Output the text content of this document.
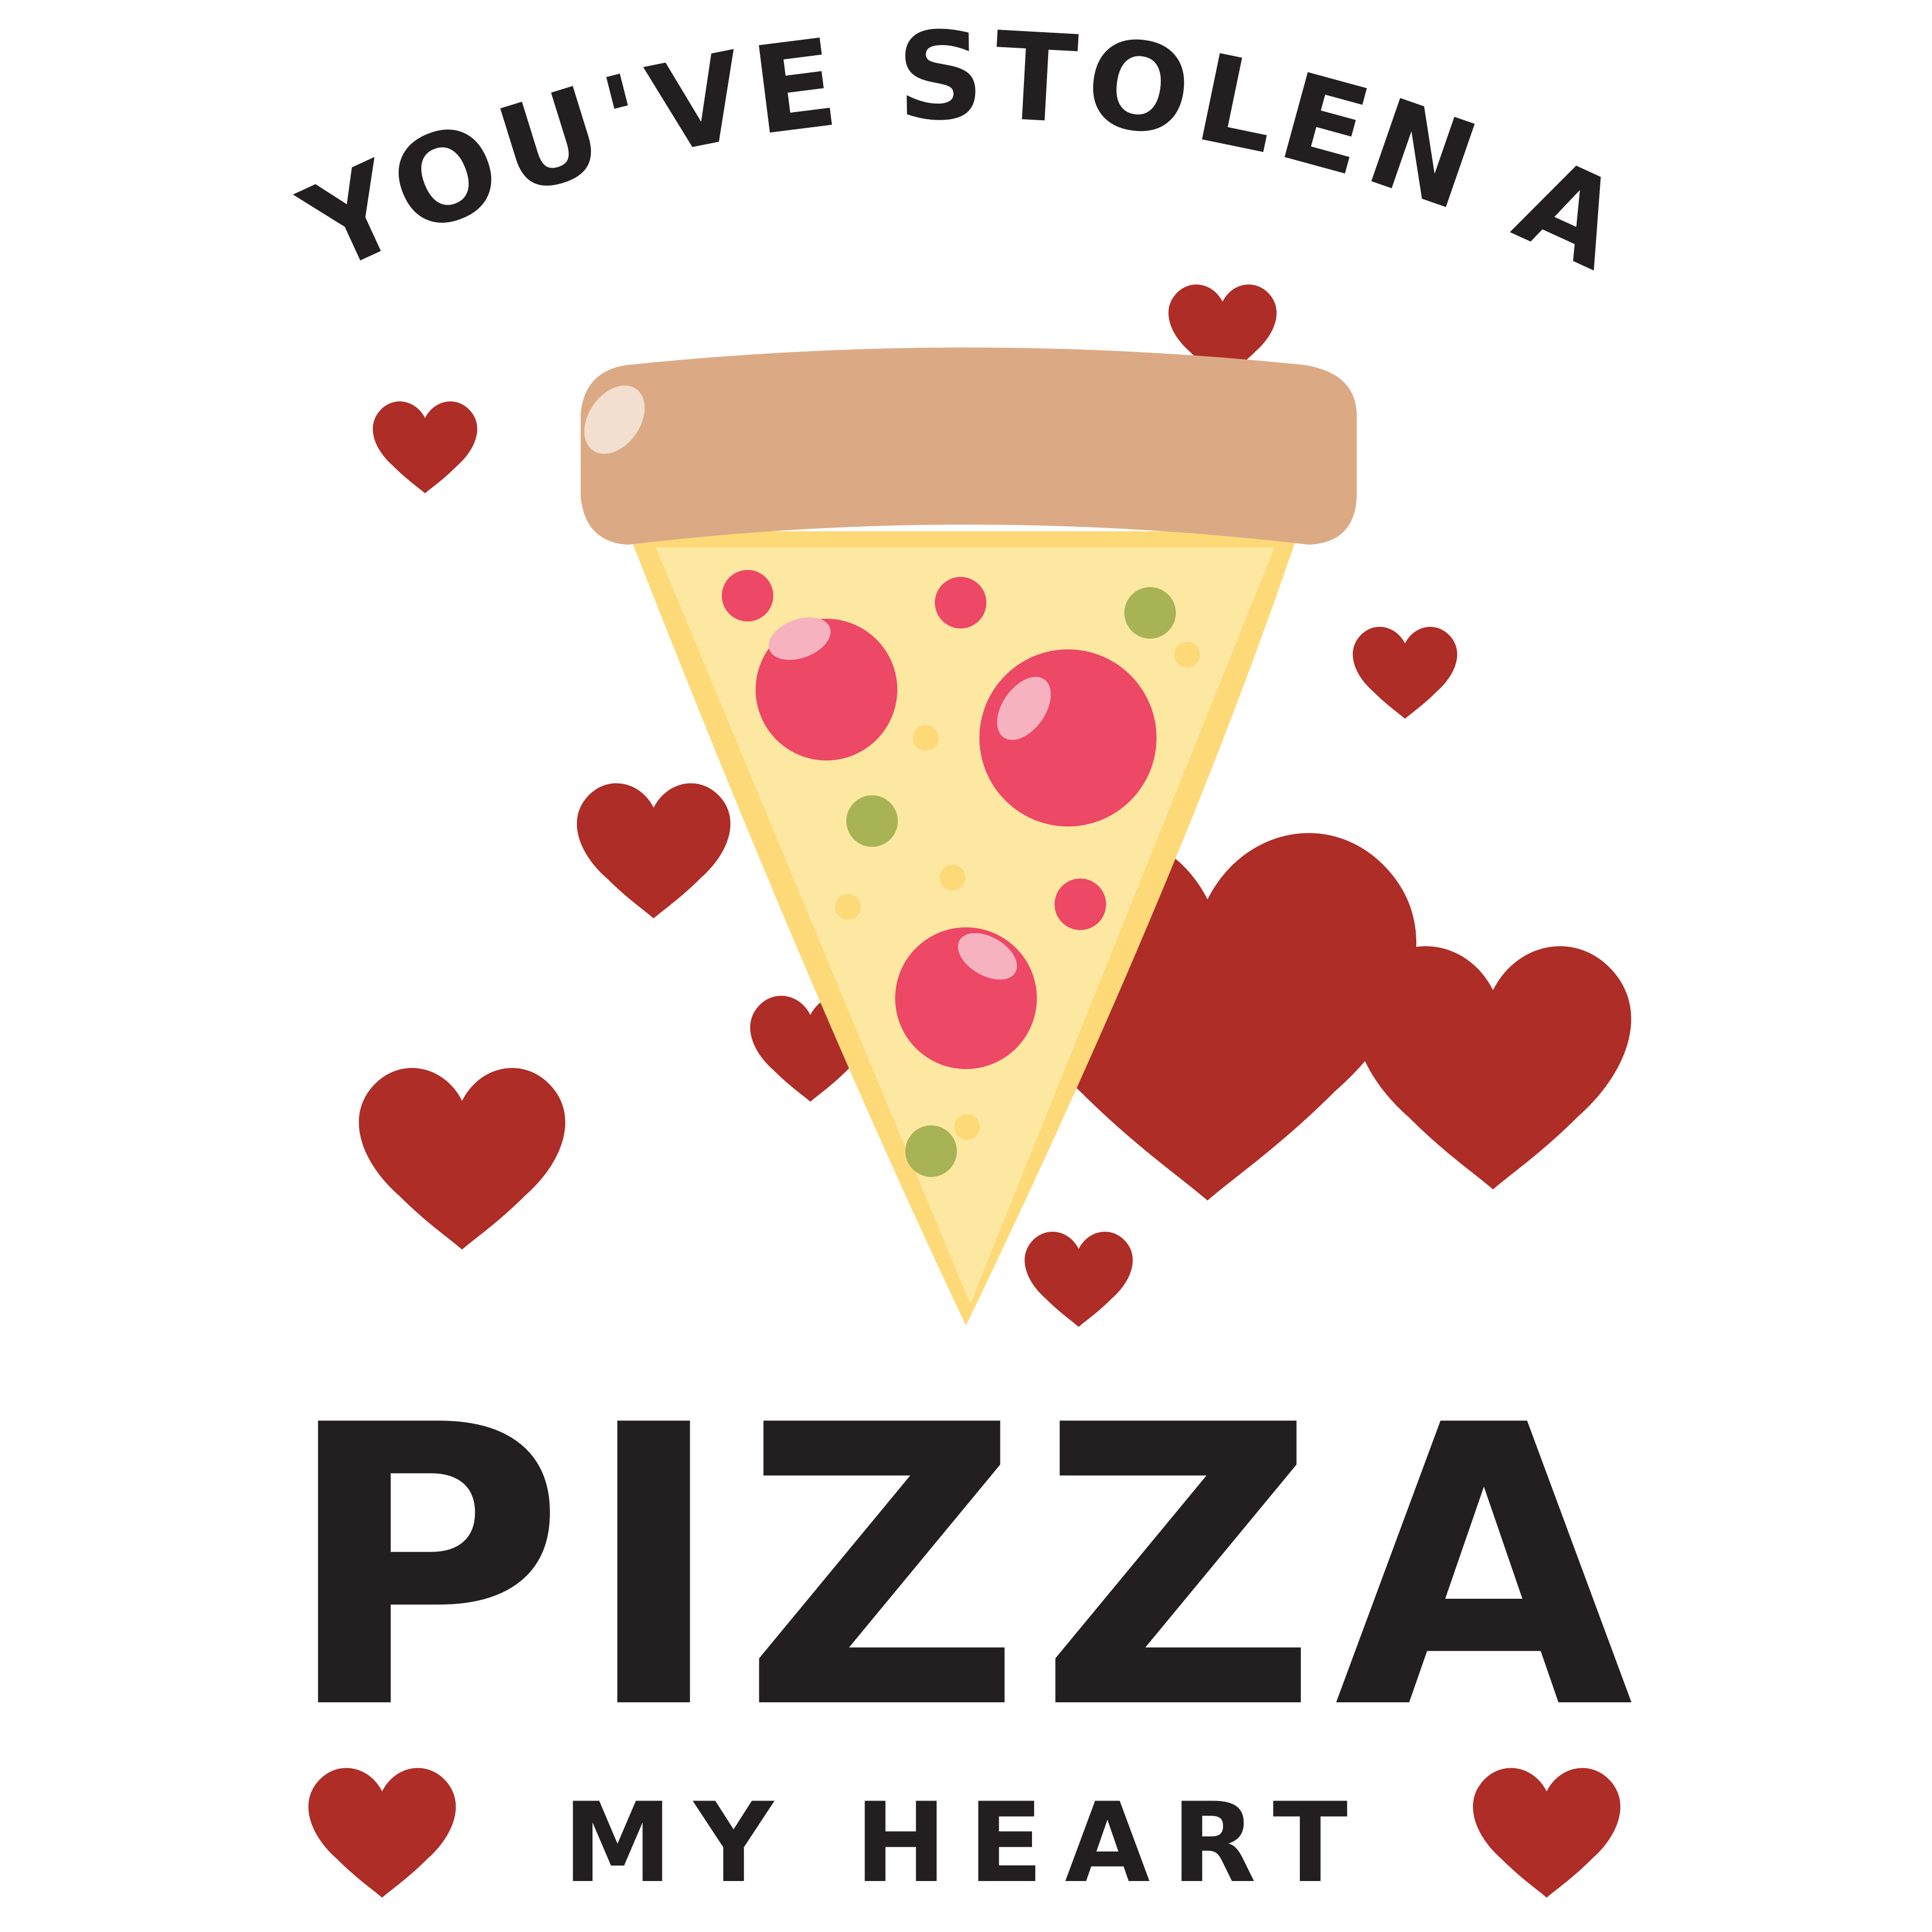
YOU'VE STOLEN A
PIZZA
MY HEART
